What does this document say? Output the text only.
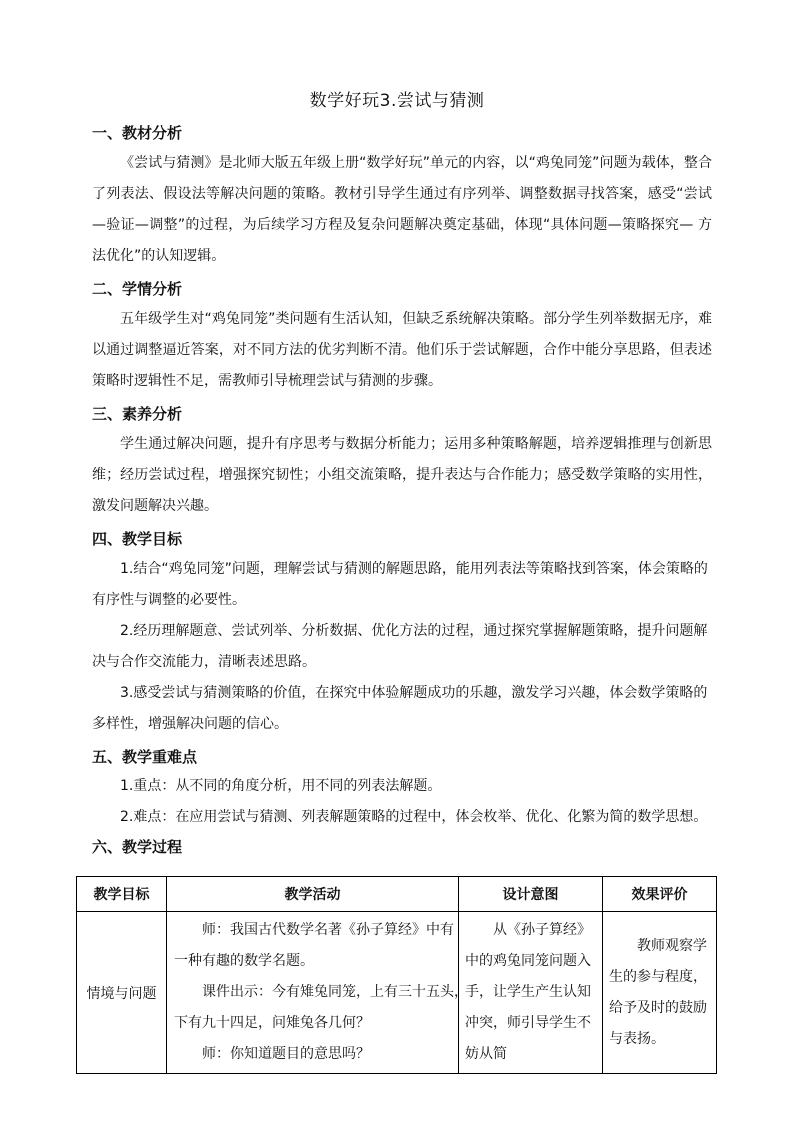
数学好玩3.尝试与猜测
一、教材分析
《尝试与猜测》是北师大版五年级上册“数学好玩”单元的内容，以“鸡兔同笼”问题为载体，整合了列表法、假设法等解决问题的策略。教材引导学生通过有序列举、调整数据寻找答案，感受“尝试—验证—调整”的过程，为后续学习方程及复杂问题解决奠定基础，体现“具体问题—策略探究— 方法优化”的认知逻辑。
二、学情分析
五年级学生对“鸡兔同笼”类问题有生活认知，但缺乏系统解决策略。部分学生列举数据无序，难以通过调整逼近答案，对不同方法的优劣判断不清。他们乐于尝试解题，合作中能分享思路，但表述策略时逻辑性不足，需教师引导梳理尝试与猜测的步骤。
三、素养分析
学生通过解决问题，提升有序思考与数据分析能力；运用多种策略解题，培养逻辑推理与创新思维；经历尝试过程，增强探究韧性；小组交流策略，提升表达与合作能力；感受数学策略的实用性，激发问题解决兴趣。
四、教学目标
1.结合“鸡兔同笼”问题，理解尝试与猜测的解题思路，能用列表法等策略找到答案，体会策略的有序性与调整的必要性。
2.经历理解题意、尝试列举、分析数据、优化方法的过程，通过探究掌握解题策略，提升问题解决与合作交流能力，清晰表述思路。
3.感受尝试与猜测策略的价值，在探究中体验解题成功的乐趣，激发学习兴趣，体会数学策略的多样性，增强解决问题的信心。
五、教学重难点
1.重点：从不同的角度分析，用不同的列表法解题。
2.难点：在应用尝试与猜测、列表解题策略的过程中，体会枚举、优化、化繁为简的数学思想。
六、教学过程
教学目标	教学活动	设计意图	效果评价
情境与问题	师：我国古代数学名著《孙子算经》中有
一种有趣的数学名题。
课件出示：今有雉兔同笼，上有三十五头，
下有九十四足，问雉兔各几何？
师：你知道题目的意思吗？	从《孙子算经》中的鸡兔同笼问题入手，让学生产生认知冲突，师引导学生不妨从简	教师观察学生的参与程度，给予及时的鼓励与表扬。
